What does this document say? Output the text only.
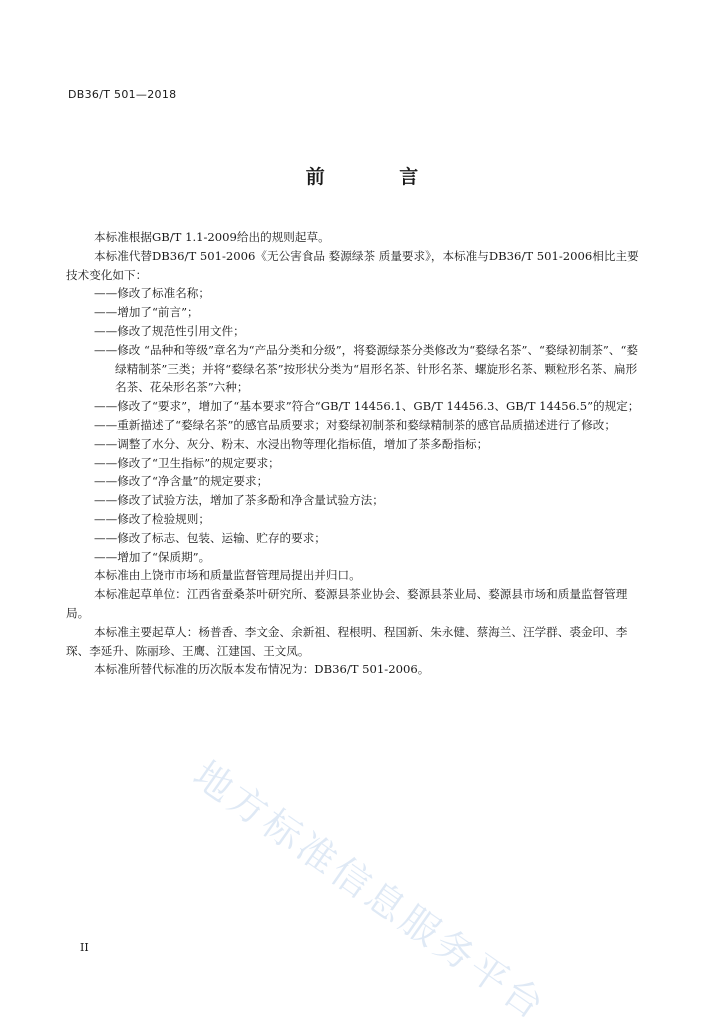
DB36/T 501—2018
前 言

本标准根据GB/T 1.1-2009给出的规则起草。

本标准代替DB36/T 501-2006《无公害食品 婺源绿茶 质量要求》，本标准与DB36/T 501-2006相比主要技术变化如下：

——修改了标准名称；

——增加了“前言”；

——修改了规范性引用文件；

——修改 “品种和等级”章名为“产品分类和分级”，将婺源绿茶分类修改为“婺绿名茶”、“婺绿初制茶”、“婺绿精制茶”三类；并将“婺绿名茶”按形状分类为“眉形名茶、针形名茶、螺旋形名茶、颗粒形名茶、扁形名茶、花朵形名茶”六种；

——修改了“要求”，增加了“基本要求”符合“GB/T 14456.1、GB/T 14456.3、GB/T 14456.5”的规定；

——重新描述了“婺绿名茶”的感官品质要求；对婺绿初制茶和婺绿精制茶的感官品质描述进行了修改；

——调整了水分、灰分、粉末、水浸出物等理化指标值，增加了茶多酚指标；

——修改了“卫生指标”的规定要求；

——修改了“净含量”的规定要求；

——修改了试验方法，增加了茶多酚和净含量试验方法；

——修改了检验规则；

——修改了标志、包装、运输、贮存的要求；

——增加了“保质期”。

本标准由上饶市市场和质量监督管理局提出并归口。

本标准起草单位：江西省蚕桑茶叶研究所、婺源县茶业协会、婺源县茶业局、婺源县市场和质量监督管理局。

本标准主要起草人：杨普香、李文金、余新祖、程根明、程国新、朱永健、蔡海兰、汪学群、裘金印、李琛、李延升、陈丽珍、王鹰、江建国、王文凤。

本标准所替代标准的历次版本发布情况为：DB36/T 501-2006。

地方标准信息服务平台
II
